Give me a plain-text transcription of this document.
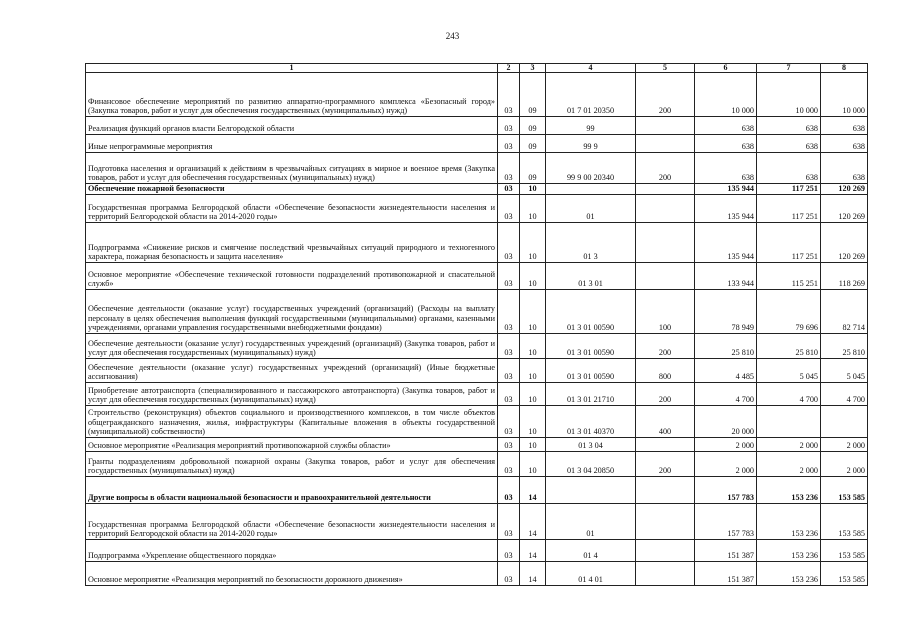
243
1	2	3	4	5	6	7	8
Финансовое обеспечение мероприятий по развитию аппаратно-программного комплекса «Безопасный город» (Закупка товаров, работ и услуг для обеспечения государственных (муниципальных) нужд)	03	09	01 7 01 20350	200	10 000	10 000	10 000
Реализация функций органов власти Белгородской области	03	09	99		638	638	638
Иные непрограммные мероприятия	03	09	99 9		638	638	638
Подготовка населения и организаций к действиям в чрезвычайных ситуациях в мирное и военное время (Закупка товаров, работ и услуг для обеспечения государственных (муниципальных) нужд)	03	09	99 9 00 20340	200	638	638	638
Обеспечение пожарной безопасности	03	10			135 944	117 251	120 269
Государственная программа Белгородской области «Обеспечение безопасности жизнедеятельности населения и территорий Белгородской области на 2014-2020 годы»	03	10	01		135 944	117 251	120 269
Подпрограмма «Снижение рисков и смягчение последствий чрезвычайных ситуаций природного и техногенного характера, пожарная безопасность и защита населения»	03	10	01 3		135 944	117 251	120 269
Основное мероприятие «Обеспечение технической готовности подразделений противопожарной и спасательной служб»	03	10	01 3 01		133 944	115 251	118 269
Обеспечение деятельности (оказание услуг) государственных учреждений (организаций) (Расходы на выплату персоналу в целях обеспечения выполнения функций государственными (муниципальными) органами, казенными учреждениями, органами управления государственными внебюджетными фондами)	03	10	01 3 01 00590	100	78 949	79 696	82 714
Обеспечение деятельности (оказание услуг) государственных учреждений (организаций) (Закупка товаров, работ и услуг для обеспечения государственных (муниципальных) нужд)	03	10	01 3 01 00590	200	25 810	25 810	25 810
Обеспечение деятельности (оказание услуг) государственных учреждений (организаций) (Иные бюджетные ассигнования)	03	10	01 3 01 00590	800	4 485	5 045	5 045
Приобретение автотранспорта (специализированного и пассажирского автотранспорта) (Закупка товаров, работ и услуг для обеспечения государственных (муниципальных) нужд)	03	10	01 3 01 21710	200	4 700	4 700	4 700
Строительство (реконструкция) объектов социального и производственного комплексов, в том числе объектов общегражданского назначения, жилья, инфраструктуры (Капитальные вложения в объекты государственной (муниципальной) собственности)	03	10	01 3 01 40370	400	20 000		
Основное мероприятие «Реализация мероприятий противопожарной службы области»	03	10	01 3 04		2 000	2 000	2 000
Гранты подразделениям добровольной пожарной охраны (Закупка товаров, работ и услуг для обеспечения государственных (муниципальных) нужд)	03	10	01 3 04 20850	200	2 000	2 000	2 000
Другие вопросы в области национальной безопасности и правоохранительной деятельности	03	14			157 783	153 236	153 585
Государственная программа Белгородской области «Обеспечение безопасности жизнедеятельности населения и территорий Белгородской области на 2014-2020 годы»	03	14	01		157 783	153 236	153 585
Подпрограмма «Укрепление общественного порядка»	03	14	01 4		151 387	153 236	153 585
Основное мероприятие «Реализация мероприятий по безопасности дорожного движения»	03	14	01 4 01		151 387	153 236	153 585
